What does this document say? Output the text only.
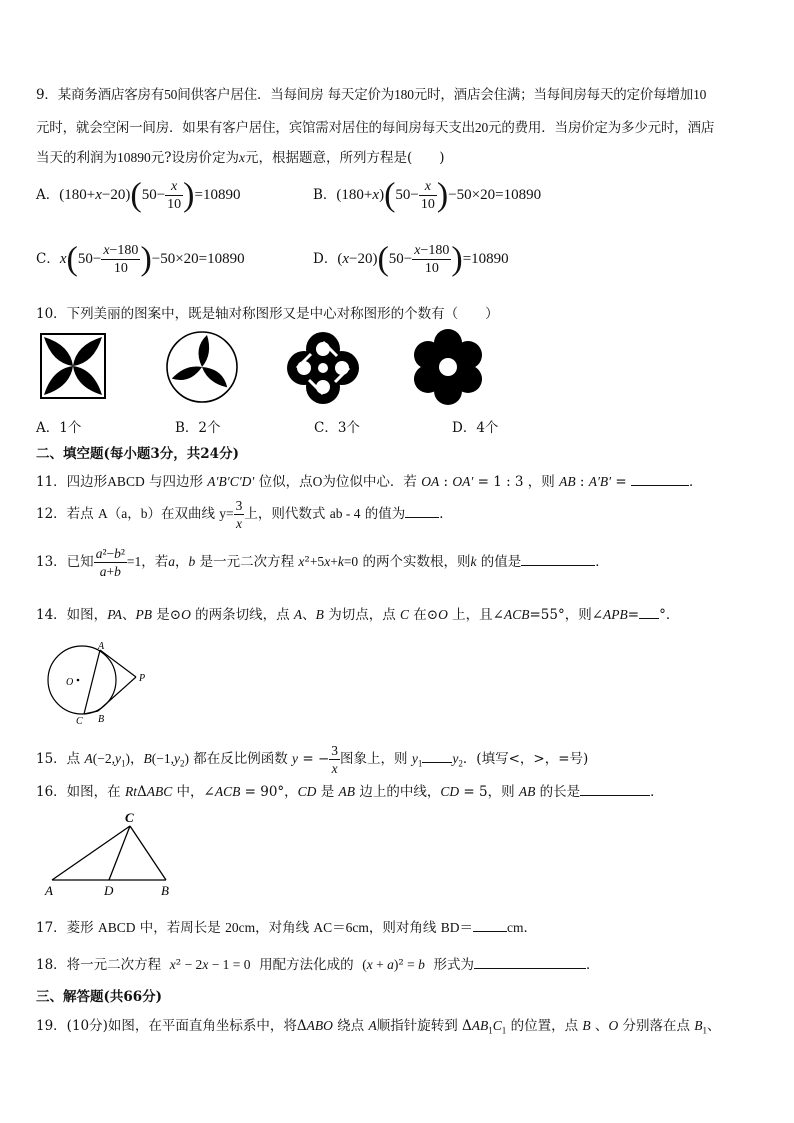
9．某商务酒店客房有50间供客户居住．当每间房 每天定价为180元时，酒店会住满；当每间房每天的定价每增加10
元时，就会空闲一间房．如果有客户居住，宾馆需对居住的每间房每天支出20元的费用．当房价定为多少元时，酒店
当天的利润为10890元?设房价定为x元，根据题意，所列方程是(　　)
A．$(180+x-20)(50- \frac{x}{10} )=10890$	B．$(180+x)(50- \frac{x}{10} )-50\times 20=10890$
C．$x(50- \frac{x-180}{10} )-50\times 20=10890$	D．$(x-20)(50- \frac{x-180}{10} )=10890$
10．下列美丽的图案中，既是轴对称图形又是中心对称图形的个数有（　　）
A．1个	B．2个	C．3个	D．4个
二、填空题(每小题3分，共24分)
11．四边形ABCD 与四边形 A′B′C′D′ 位似，点O为位似中心．若 OA : OA′ = 1 : 3 ，则 AB : A′B′ =	．
12．若点 A（a，b）在双曲线 $y= \frac{3}{x}$ 上，则代数式 ab - 4 的值为	．
13．已知 $\frac{\text{a²−b²}}{a+b} =1$，若a，b 是一元二次方程 x²+5x+k=0 的两个实数根，则k 的值是	．
14．如图，PA、PB 是⊙O 的两条切线，点 A、B 为切点，点 C 在⊙O 上，且∠ACB=55°，则∠APB= °．
A
O	P
B
C
15．点 $A(-2,y_1)$，$B(-1,y_2)$ 都在反比例函数 y = − $\frac{3}{x}$ 图象上，则 $y_1$ $y_2$．(填写<，>，=号)
16．如图，在 RtΔABC 中，∠ACB = 90°，CD 是 AB 边上的中线，CD = 5，则 AB 的长是	．
C
A	D	B
17．菱形 ABCD 中，若周长是 20cm，对角线 AC＝6cm，则对角线 BD＝	cm．
18．将一元二次方程  x² − 2x − 1 = 0  用配方法化成的  (x + a)² = b  形式为	．
三、解答题(共66分)
19．(10分)如图，在平面直角坐标系中，将ΔABO 绕点 A顺指针旋转到 $\Delta AB_1C_1$ 的位置，点 B 、O 分别落在点 $B_1$、
